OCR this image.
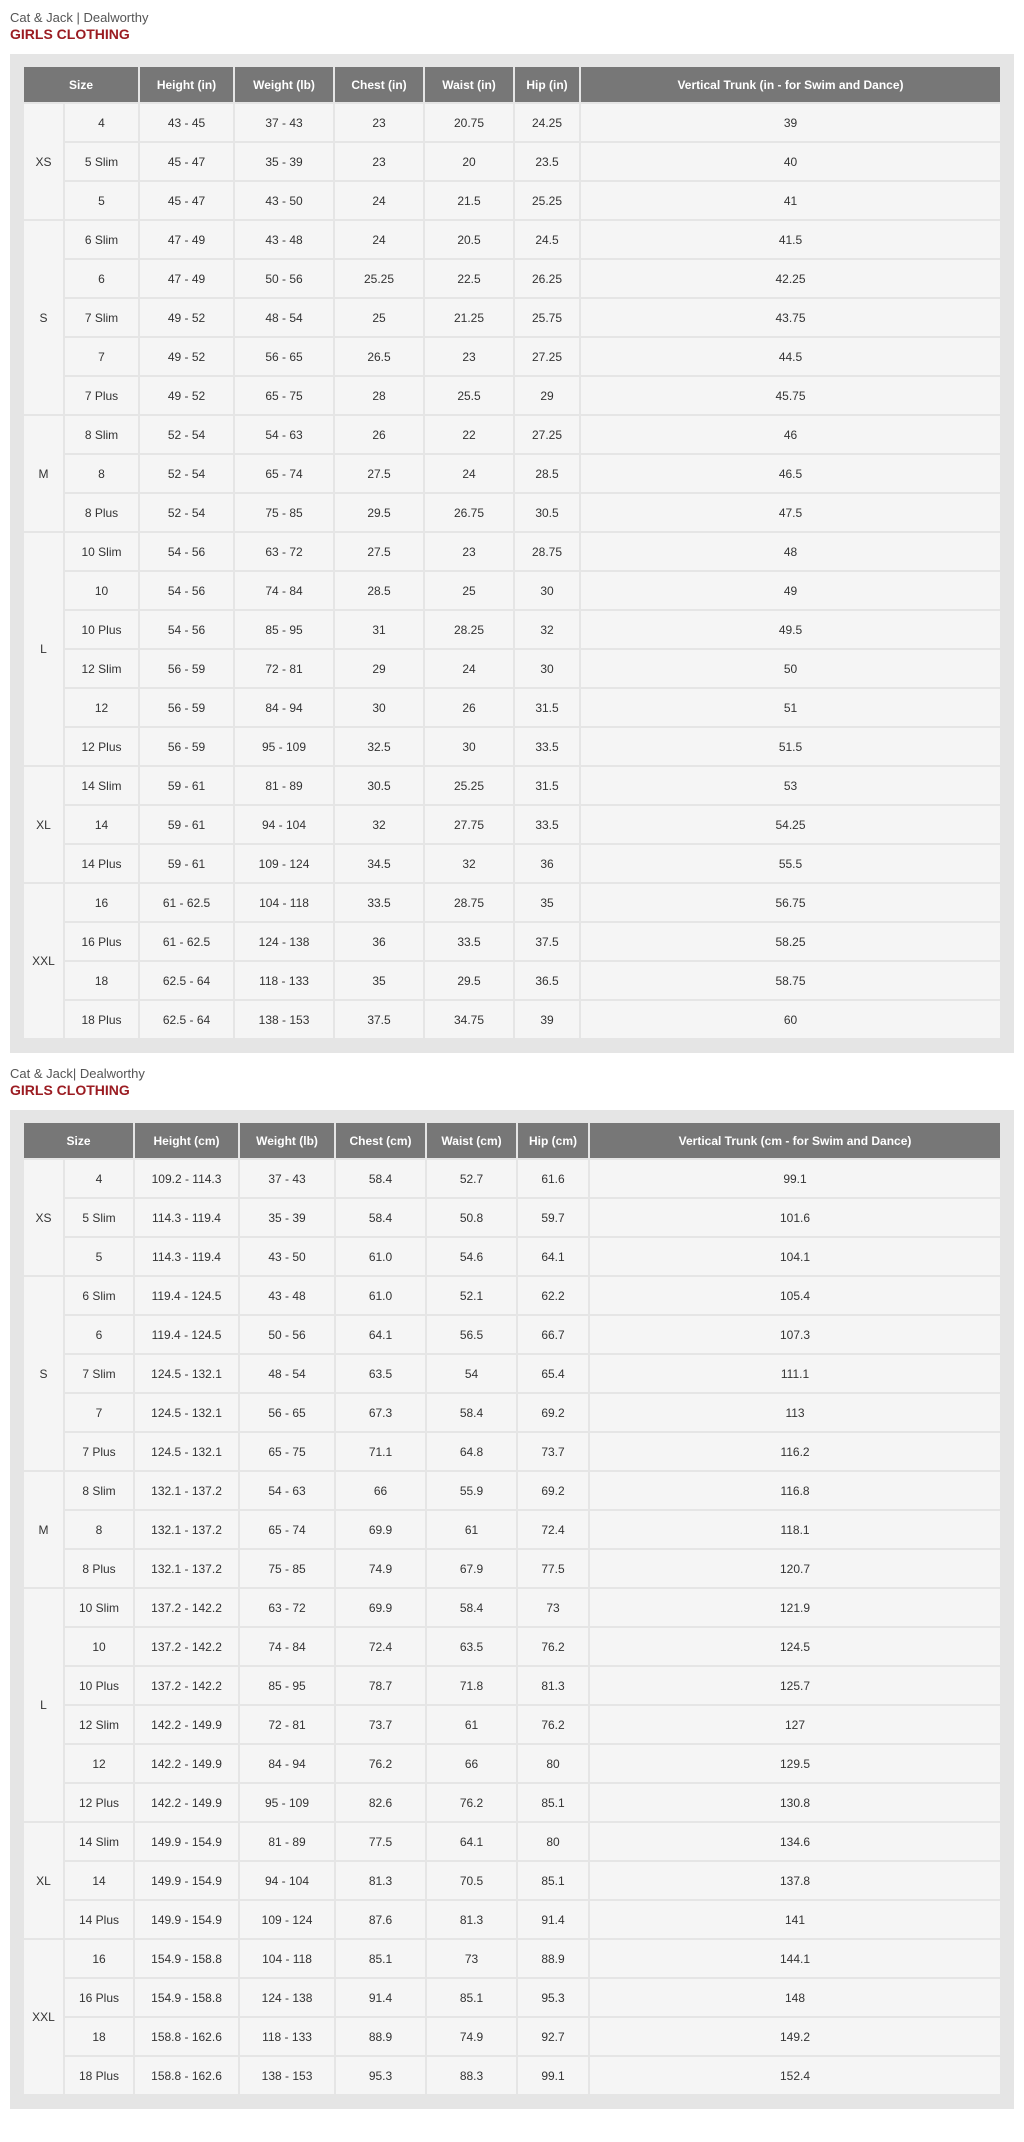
Cat & Jack | Dealworthy
GIRLS CLOTHING
Size		Height (in)	Weight (lb)	Chest (in)	Waist (in)	Hip (in)	Vertical Trunk (in - for Swim and Dance)
XS	4	43 - 45	37 - 43	23	20.75	24.25	39
	5 Slim	45 - 47	35 - 39	23	20	23.5	40
	5	45 - 47	43 - 50	24	21.5	25.25	41
S	6 Slim	47 - 49	43 - 48	24	20.5	24.5	41.5
	6	47 - 49	50 - 56	25.25	22.5	26.25	42.25
	7 Slim	49 - 52	48 - 54	25	21.25	25.75	43.75
	7	49 - 52	56 - 65	26.5	23	27.25	44.5
	7 Plus	49 - 52	65 - 75	28	25.5	29	45.75
M	8 Slim	52 - 54	54 - 63	26	22	27.25	46
	8	52 - 54	65 - 74	27.5	24	28.5	46.5
	8 Plus	52 - 54	75 - 85	29.5	26.75	30.5	47.5
L	10 Slim	54 - 56	63 - 72	27.5	23	28.75	48
	10	54 - 56	74 - 84	28.5	25	30	49
	10 Plus	54 - 56	85 - 95	31	28.25	32	49.5
	12 Slim	56 - 59	72 - 81	29	24	30	50
	12	56 - 59	84 - 94	30	26	31.5	51
	12 Plus	56 - 59	95 - 109	32.5	30	33.5	51.5
XL	14 Slim	59 - 61	81 - 89	30.5	25.25	31.5	53
	14	59 - 61	94 - 104	32	27.75	33.5	54.25
	14 Plus	59 - 61	109 - 124	34.5	32	36	55.5
XXL	16	61 - 62.5	104 - 118	33.5	28.75	35	56.75
	16 Plus	61 - 62.5	124 - 138	36	33.5	37.5	58.25
	18	62.5 - 64	118 - 133	35	29.5	36.5	58.75
	18 Plus	62.5 - 64	138 - 153	37.5	34.75	39	60
Cat & Jack| Dealworthy
GIRLS CLOTHING
Size		Height (cm)	Weight (lb)	Chest (cm)	Waist (cm)	Hip (cm)	Vertical Trunk (cm - for Swim and Dance)
XS	4	109.2 - 114.3	37 - 43	58.4	52.7	61.6	99.1
	5 Slim	114.3 - 119.4	35 - 39	58.4	50.8	59.7	101.6
	5	114.3 - 119.4	43 - 50	61.0	54.6	64.1	104.1
S	6 Slim	119.4 - 124.5	43 - 48	61.0	52.1	62.2	105.4
	6	119.4 - 124.5	50 - 56	64.1	56.5	66.7	107.3
	7 Slim	124.5 - 132.1	48 - 54	63.5	54	65.4	111.1
	7	124.5 - 132.1	56 - 65	67.3	58.4	69.2	113
	7 Plus	124.5 - 132.1	65 - 75	71.1	64.8	73.7	116.2
M	8 Slim	132.1 - 137.2	54 - 63	66	55.9	69.2	116.8
	8	132.1 - 137.2	65 - 74	69.9	61	72.4	118.1
	8 Plus	132.1 - 137.2	75 - 85	74.9	67.9	77.5	120.7
L	10 Slim	137.2 - 142.2	63 - 72	69.9	58.4	73	121.9
	10	137.2 - 142.2	74 - 84	72.4	63.5	76.2	124.5
	10 Plus	137.2 - 142.2	85 - 95	78.7	71.8	81.3	125.7
	12 Slim	142.2 - 149.9	72 - 81	73.7	61	76.2	127
	12	142.2 - 149.9	84 - 94	76.2	66	80	129.5
	12 Plus	142.2 - 149.9	95 - 109	82.6	76.2	85.1	130.8
XL	14 Slim	149.9 - 154.9	81 - 89	77.5	64.1	80	134.6
	14	149.9 - 154.9	94 - 104	81.3	70.5	85.1	137.8
	14 Plus	149.9 - 154.9	109 - 124	87.6	81.3	91.4	141
XXL	16	154.9 - 158.8	104 - 118	85.1	73	88.9	144.1
	16 Plus	154.9 - 158.8	124 - 138	91.4	85.1	95.3	148
	18	158.8 - 162.6	118 - 133	88.9	74.9	92.7	149.2
	18 Plus	158.8 - 162.6	138 - 153	95.3	88.3	99.1	152.4
